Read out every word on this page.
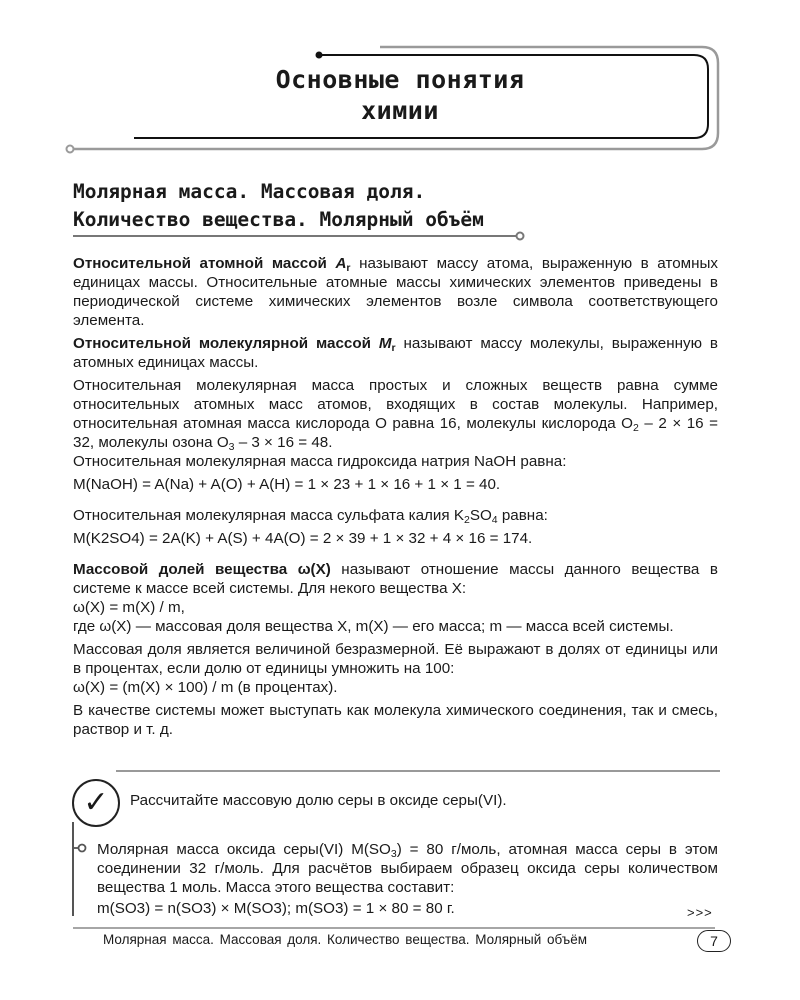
Основные понятия
химии
Молярная масса. Массовая доля.
Количество вещества. Молярный объём

Относительной атомной массой $A_r$ называют массу атома, выраженную в атомных единицах массы. Относительные атомные массы химических элементов приведены в периодической системе химических элементов возле символа соответствующего элемента.

Относительной молекулярной массой $M_r$ называют массу молекулы, выраженную в атомных единицах массы.

Относительная молекулярная масса простых и сложных веществ равна сумме относительных атомных масс атомов, входящих в состав молекулы. Например, относительная атомная масса кислорода O равна 16, молекулы кислорода $O_2 - 2 \times 16 = 32$, молекулы озона $O_3 - 3 \times 16 = 48$.

Относительная молекулярная масса гидроксида натрия NaOH равна:

M(NaOH) = A(Na) + A(O) + A(H) = 1 × 23 + 1 × 16 + 1 × 1 = 40.

Относительная молекулярная масса сульфата калия $K_2SO_4$ равна:

M(K2SO4) = 2A(K) + A(S) + 4A(O) = 2 × 39 + 1 × 32 + 4 × 16 = 174.

Массовой долей вещества ω(X) называют отношение массы данного вещества в системе к массе всей системы. Для некого вещества X:

ω(X) = m(X) / m,

где ω(X) — массовая доля вещества X, m(X) — его масса; m — масса всей системы.

Массовая доля является величиной безразмерной. Её выражают в долях от единицы или в процентах, если долю от единицы умножить на 100:

ω(X) = (m(X) × 100) / m (в процентах).

В качестве системы может выступать как молекула химического соединения, так и смесь, раствор и т. д.

✓	Рассчитайте массовую долю серы в оксиде серы(VI).

Молярная масса оксида серы(VI) $M(SO_3) = 80$ г/моль, атомная масса серы в этом соединении 32 г/моль. Для расчётов выбираем образец оксида серы количеством вещества 1 моль. Масса этого вещества составит:

m(SO3) = n(SO3) × M(SO3); m(SO3) = 1 × 80 = 80 г.	>>>
Молярная масса. Массовая доля. Количество вещества. Молярный объём	7
